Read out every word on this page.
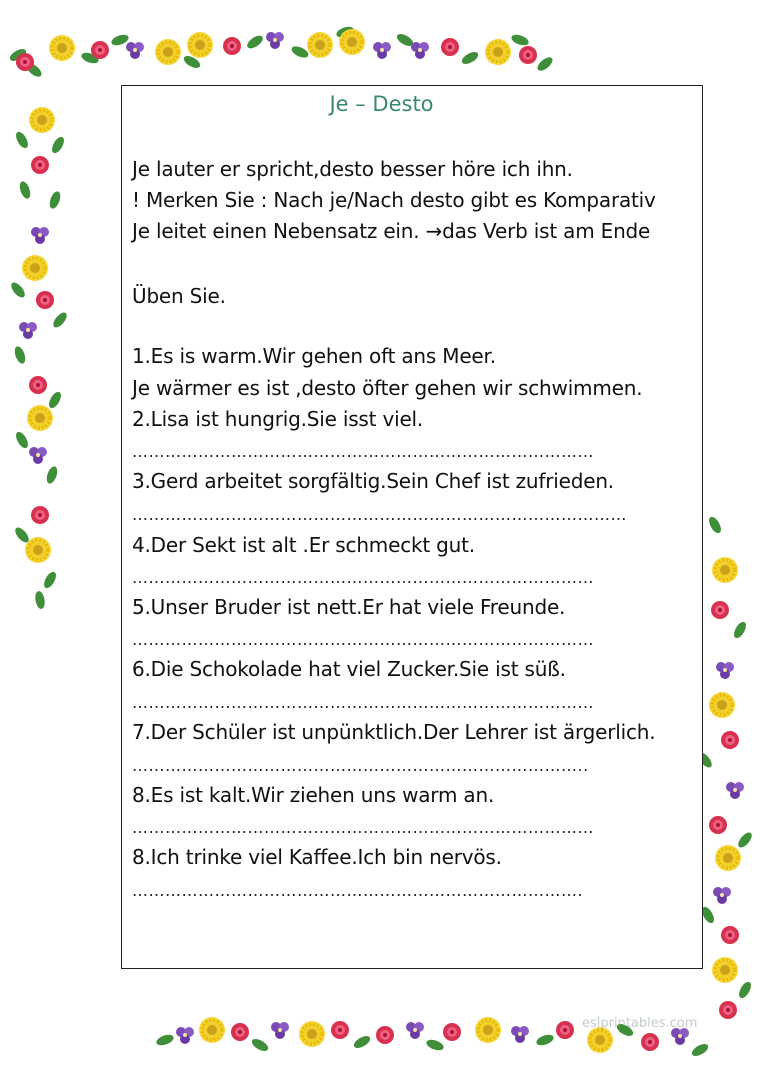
Je – Desto
Je lauter er spricht,desto besser höre ich ihn.
! Merken Sie : Nach je/Nach desto gibt es Komparativ
Je leitet einen Nebensatz ein. →das Verb ist am Ende
Üben Sie.
1.Es is warm.Wir gehen oft ans Meer.
Je wärmer es ist ,desto öfter gehen wir schwimmen.
2.Lisa ist hungrig.Sie isst viel.
…………………………………………………………………………
3.Gerd arbeitet sorgfältig.Sein Chef ist zufrieden.
………………………………………………………………………………
4.Der Sekt ist alt .Er schmeckt gut.
…………………………………………………………………………
5.Unser Bruder ist nett.Er hat viele Freunde.
…………………………………………………………………………
6.Die Schokolade hat viel Zucker.Sie ist süß.
…………………………………………………………………………
7.Der Schüler ist unpünktlich.Der Lehrer ist ärgerlich.
………………………………………………………………………..
8.Es ist kalt.Wir ziehen uns warm an.
…………………………………………………………………………
8.Ich trinke viel Kaffee.Ich bin nervös.
……………………………………………………………………….
eslprintables.com
